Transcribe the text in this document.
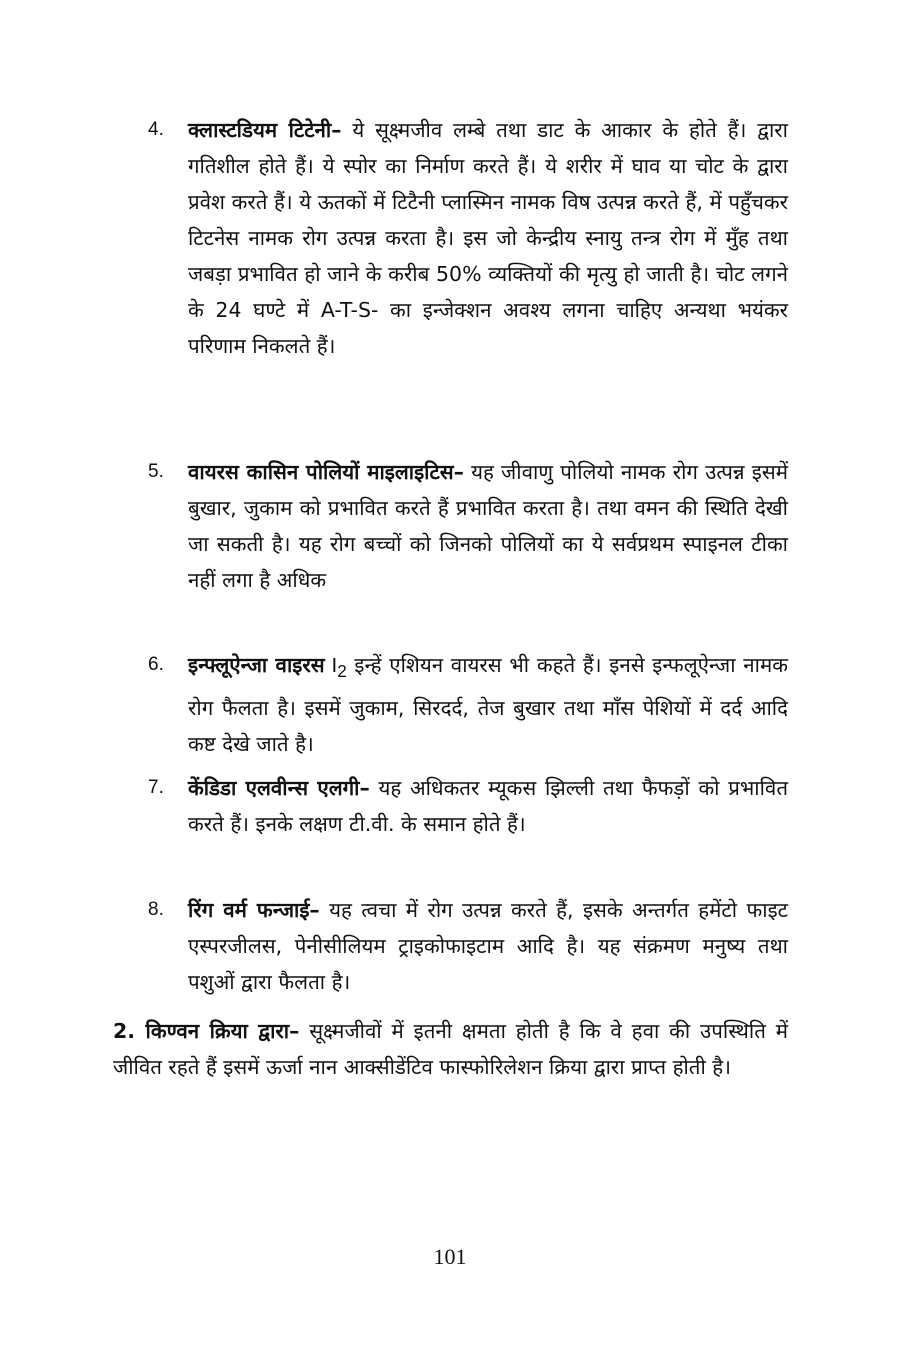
4.	क्लास्टडियम टिटेनी– ये सूक्ष्मजीव लम्बे तथा डाट के आकार के होते हैं। द्वारा गतिशील होते हैं। ये स्पोर का निर्माण करते हैं। ये शरीर में घाव या चोट के द्वारा प्रवेश करते हैं। ये ऊतकों में टिटैनी प्लास्मिन नामक विष उत्पन्न करते हैं, में पहुँचकर टिटनेस नामक रोग उत्पन्न करता है। इस जो केन्द्रीय स्नायु तन्त्र रोग में मुँह तथा जबड़ा प्रभावित हो जाने के करीब 50% व्यक्तियों की मृत्यु हो जाती है। चोट लगने के 24 घण्टे में A-T-S- का इन्जेक्शन अवश्य लगना चाहिए अन्यथा भयंकर परिणाम निकलते हैं।
5.	वायरस कासिन पोलियों माइलाइटिस– यह जीवाणु पोलियो नामक रोग उत्पन्न इसमें बुखार, जुकाम को प्रभावित करते हैं प्रभावित करता है। तथा वमन की स्थिति देखी जा सकती है। यह रोग बच्चों को जिनको पोलियों का ये सर्वप्रथम स्पाइनल टीका नहीं लगा है अधिक
6.	इन्फ्लूऐन्जा वाइरस $I_2$ इन्हें एशियन वायरस भी कहते हैं। इनसे इन्फलूऐन्जा नामक रोग फैलता है। इसमें जुकाम, सिरदर्द, तेज बुखार तथा माँस पेशियों में दर्द आदि कष्ट देखे जाते है।
7.	केंडिडा एलवीन्स एलगी– यह अधिकतर म्यूकस झिल्ली तथा फैफड़ों को प्रभावित करते हैं। इनके लक्षण टी.वी. के समान होते हैं।
8.	रिंग वर्म फन्जाई– यह त्वचा में रोग उत्पन्न करते हैं, इसके अन्तर्गत हमेंटो फाइट एस्परजीलस, पेनीसीलियम ट्राइकोफाइटाम आदि है। यह संक्रमण मनुष्य तथा पशुओं द्वारा फैलता है।
2. किण्वन क्रिया द्वारा– सूक्ष्मजीवों में इतनी क्षमता होती है कि वे हवा की उपस्थिति में जीवित रहते हैं इसमें ऊर्जा नान आक्सीडेंटिव फास्फोरिलेशन क्रिया द्वारा प्राप्त होती है।
101
